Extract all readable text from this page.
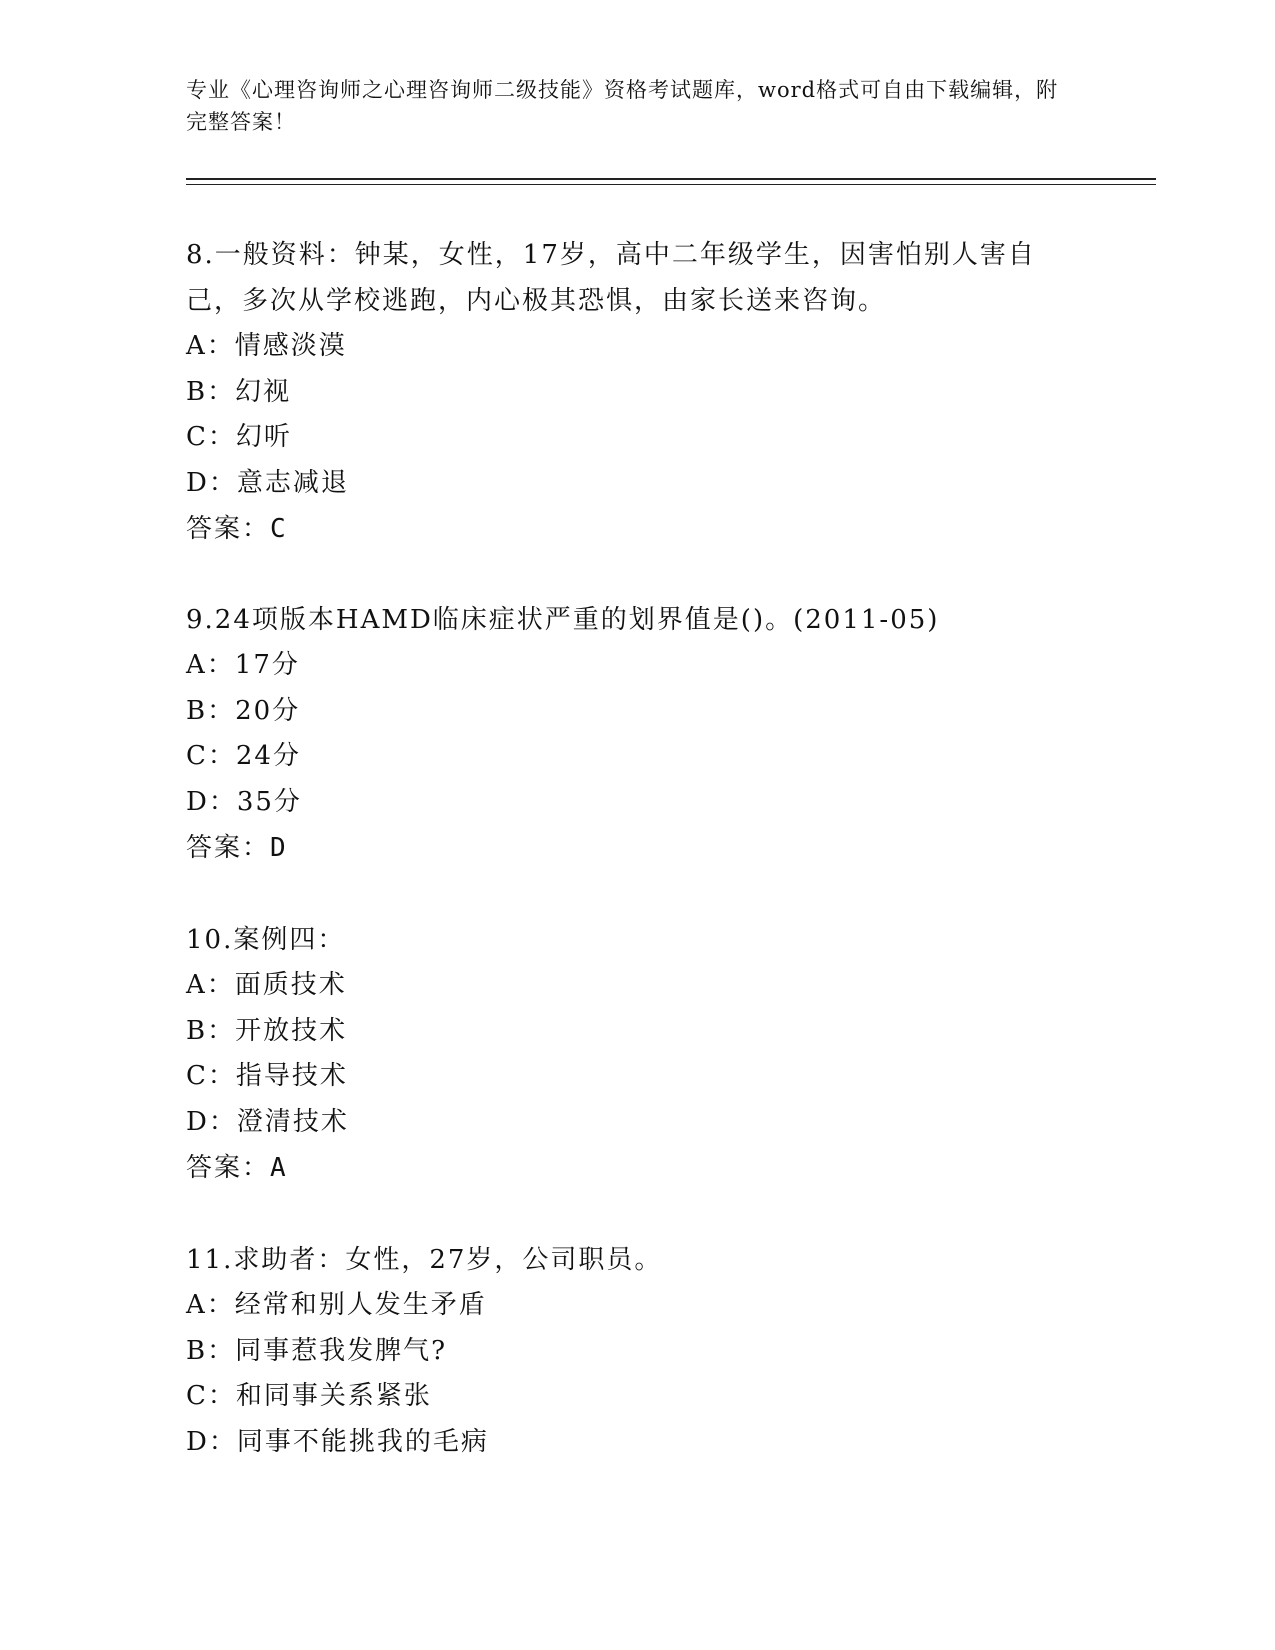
专业《心理咨询师之心理咨询师二级技能》资格考试题库，word格式可自由下载编辑，附完整答案！

8.一般资料：钟某，女性，17岁，高中二年级学生，因害怕别人害自己，多次从学校逃跑，内心极其恐惧，由家长送来咨询。

A：情感淡漠

B：幻视

C：幻听

D：意志减退

答案：C

9.24项版本HAMD临床症状严重的划界值是()。(2011-05)

A：17分

B：20分

C：24分

D：35分

答案：D

10.案例四：

A：面质技术

B：开放技术

C：指导技术

D：澄清技术

答案：A

11.求助者：女性，27岁，公司职员。

A：经常和别人发生矛盾

B：同事惹我发脾气?

C：和同事关系紧张

D：同事不能挑我的毛病
